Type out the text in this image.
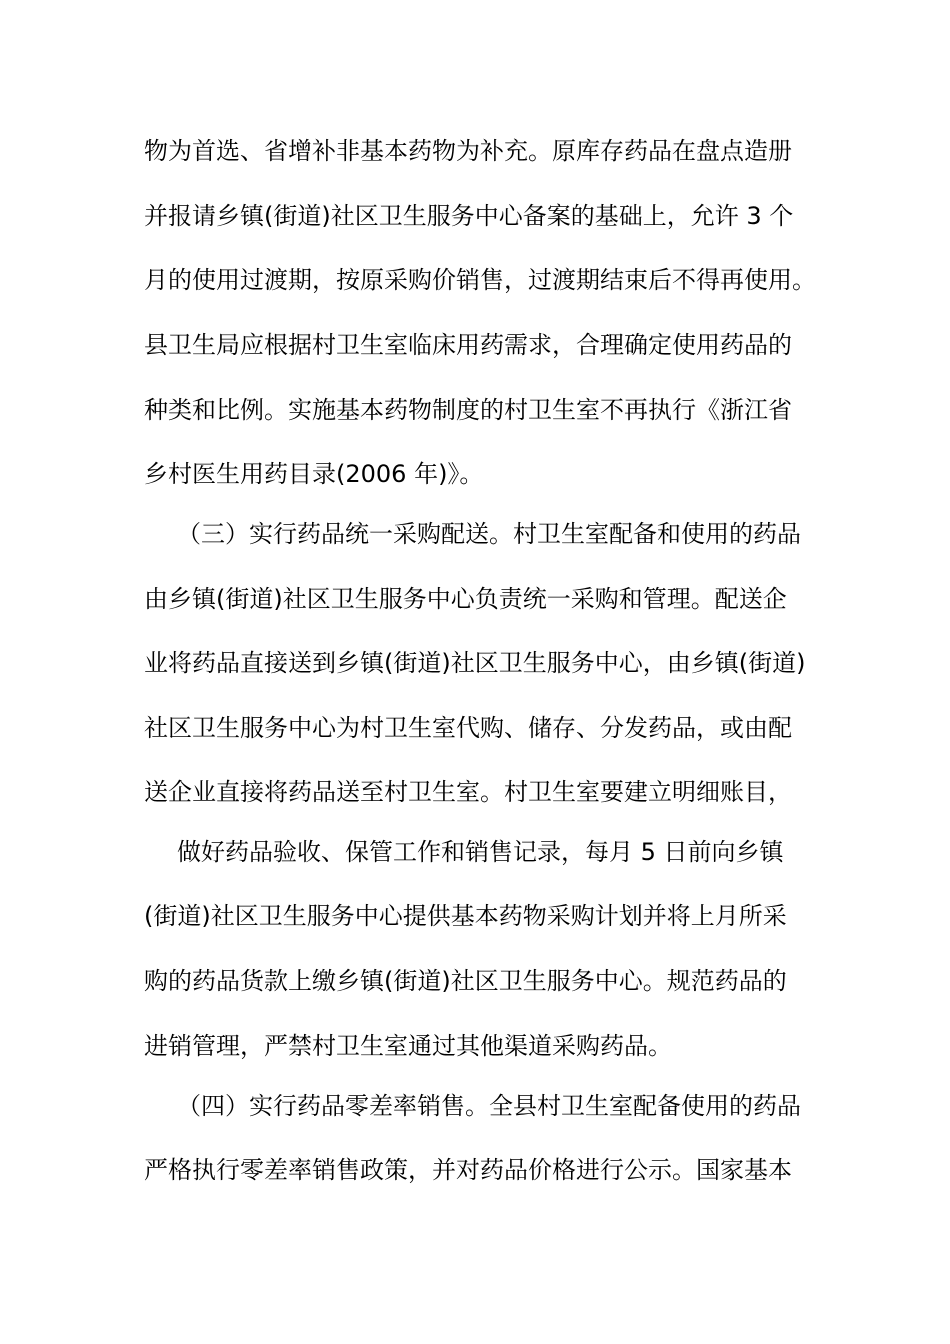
物为首选、省增补非基本药物为补充。原库存药品在盘点造册
并报请乡镇(街道)社区卫生服务中心备案的基础上，允许 3 个
月的使用过渡期，按原采购价销售，过渡期结束后不得再使用。
县卫生局应根据村卫生室临床用药需求，合理确定使用药品的
种类和比例。实施基本药物制度的村卫生室不再执行《浙江省
乡村医生用药目录(2006 年)》。
（三）实行药品统一采购配送。村卫生室配备和使用的药品
由乡镇(街道)社区卫生服务中心负责统一采购和管理。配送企
业将药品直接送到乡镇(街道)社区卫生服务中心，由乡镇(街道)
社区卫生服务中心为村卫生室代购、储存、分发药品，或由配
送企业直接将药品送至村卫生室。村卫生室要建立明细账目，
做好药品验收、保管工作和销售记录，每月 5 日前向乡镇
(街道)社区卫生服务中心提供基本药物采购计划并将上月所采
购的药品货款上缴乡镇(街道)社区卫生服务中心。规范药品的
进销管理，严禁村卫生室通过其他渠道采购药品。
（四）实行药品零差率销售。全县村卫生室配备使用的药品
严格执行零差率销售政策，并对药品价格进行公示。国家基本
